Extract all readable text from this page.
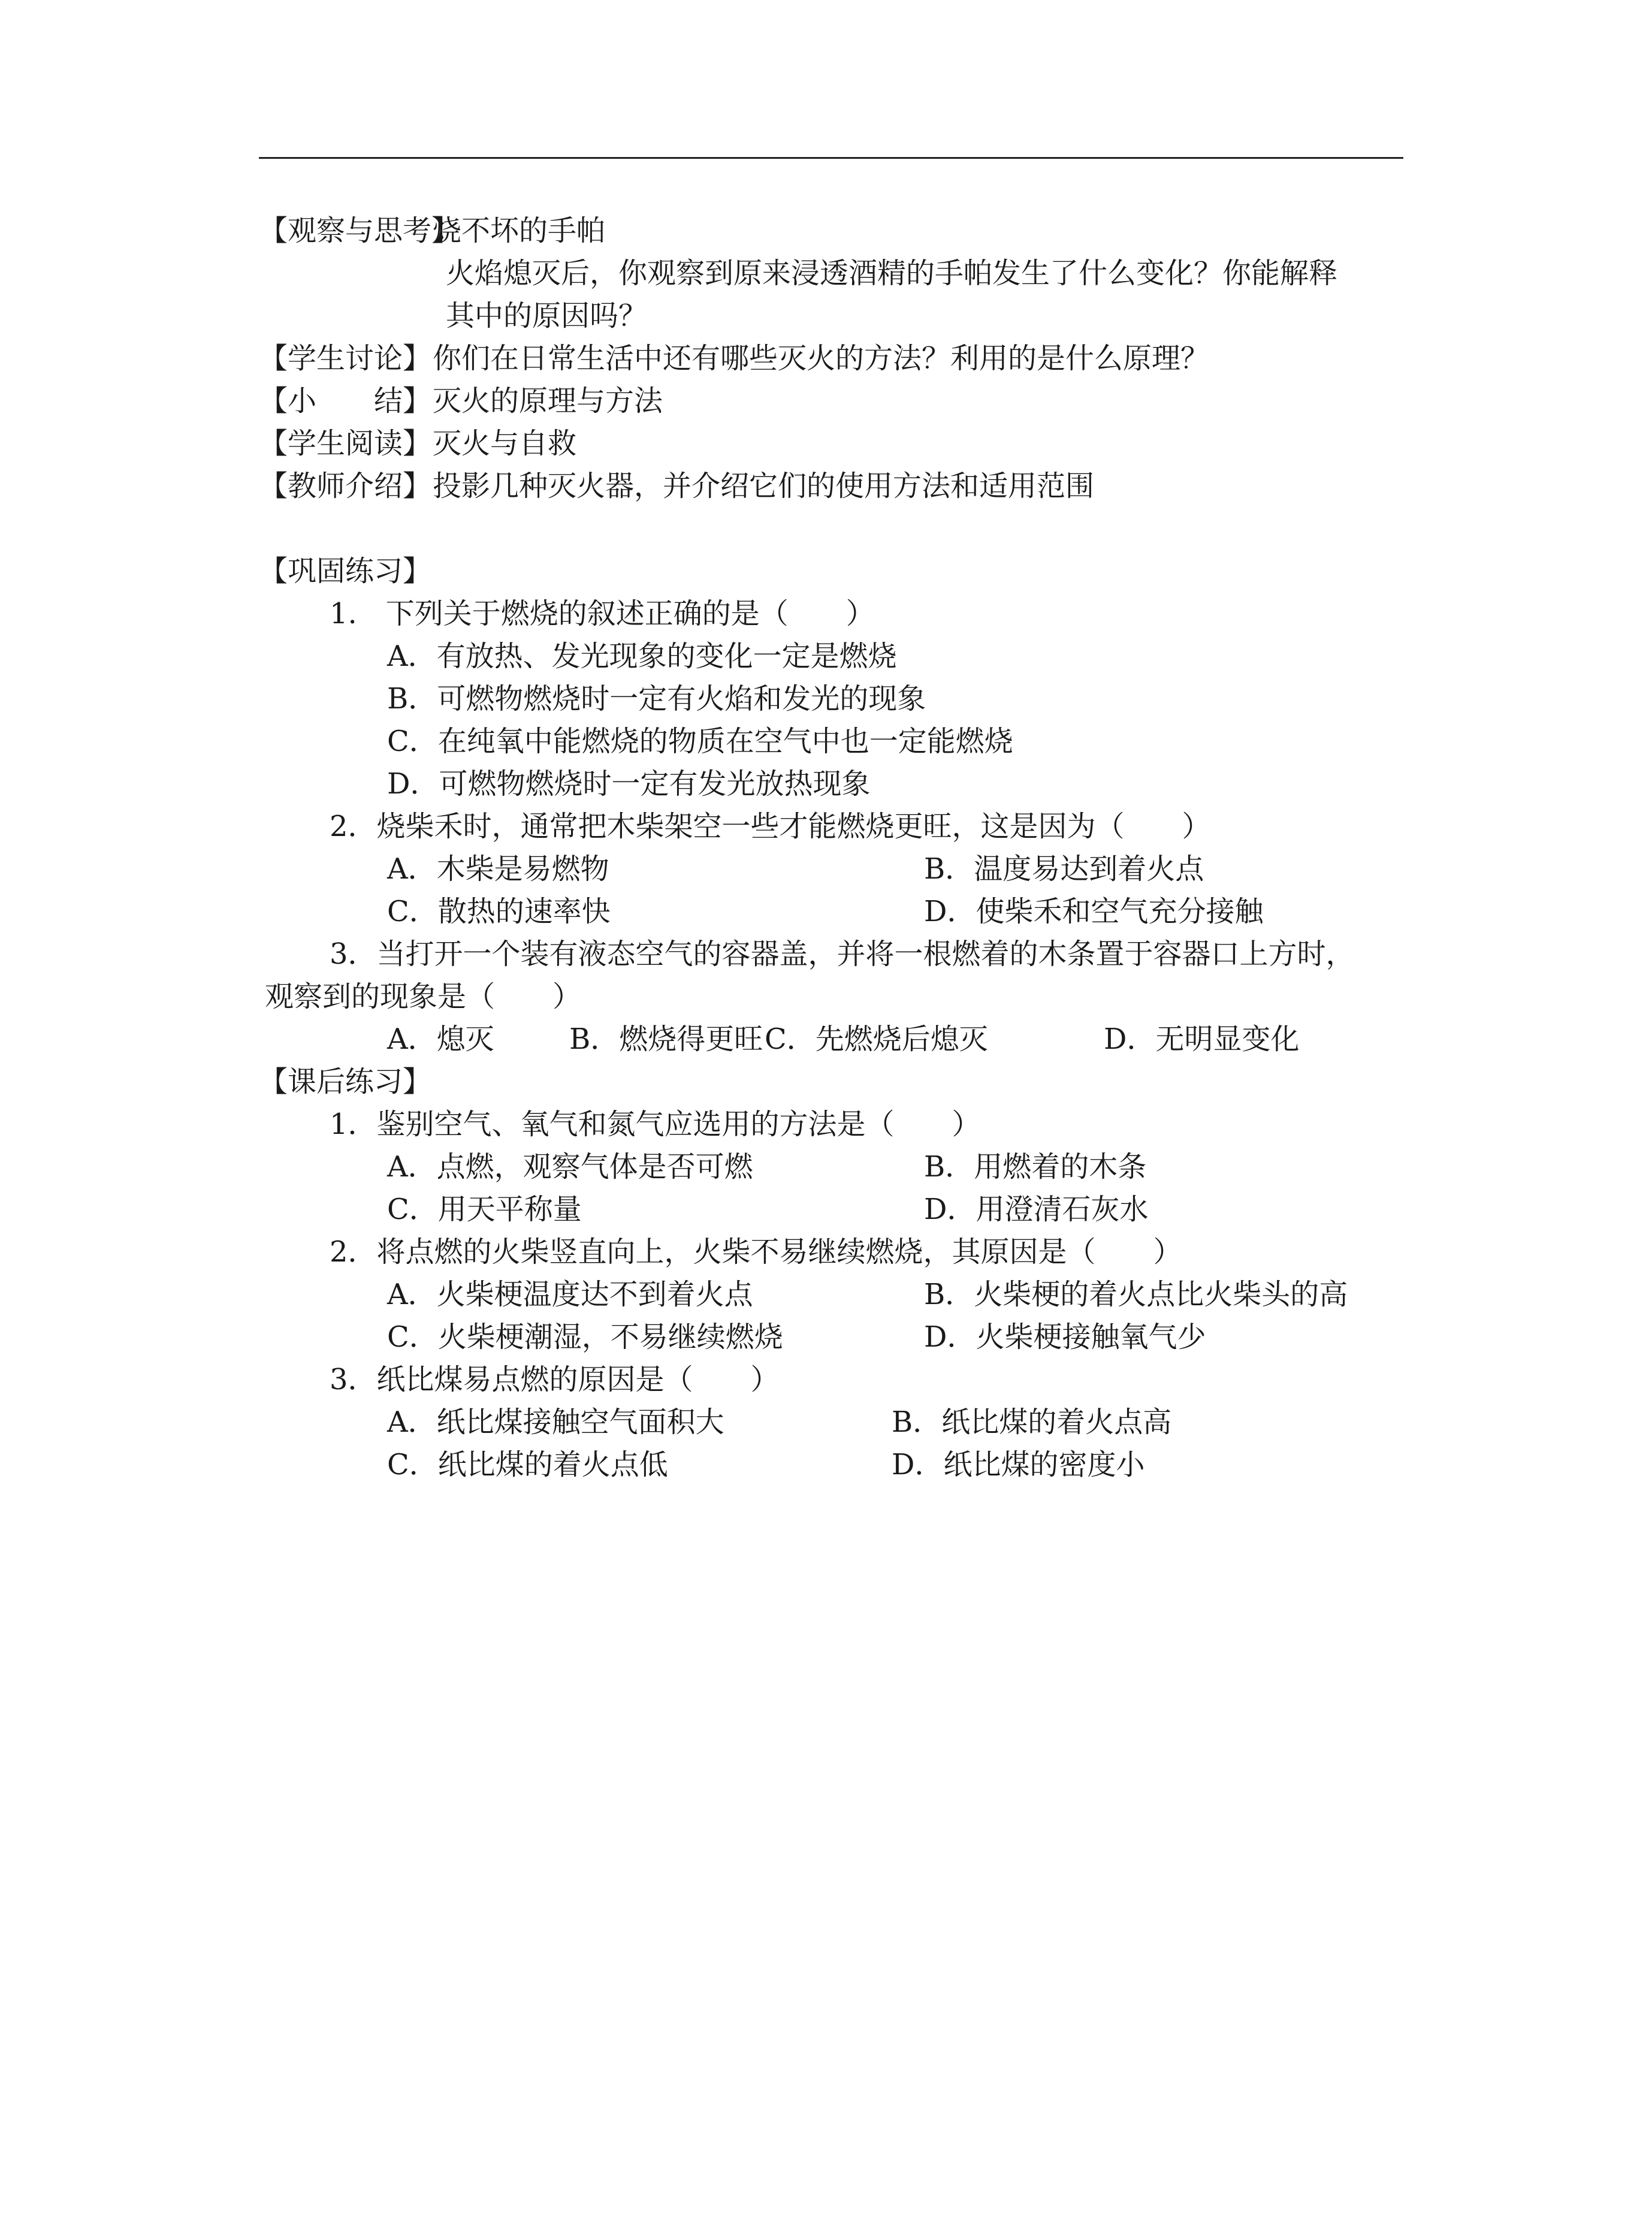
【观察与思考】
烧不坏的手帕
火焰熄灭后，你观察到原来浸透酒精的手帕发生了什么变化？你能解释
其中的原因吗？
【学生讨论】 你们在日常生活中还有哪些灭火的方法？利用的是什么原理？
【小　　结】 灭火的原理与方法
【学生阅读】 灭火与自救
【教师介绍】 投影几种灭火器，并介绍它们的使用方法和适用范围
【巩固练习】
1.　下列关于燃烧的叙述正确的是（　　）
A．有放热、发光现象的变化一定是燃烧
B．可燃物燃烧时一定有火焰和发光的现象
C．在纯氧中能燃烧的物质在空气中也一定能燃烧
D．可燃物燃烧时一定有发光放热现象
2．烧柴禾时，通常把木柴架空一些才能燃烧更旺，这是因为（　　）
A．木柴是易燃物	B．温度易达到着火点
C．散热的速率快	D．使柴禾和空气充分接触
3．当打开一个装有液态空气的容器盖，并将一根燃着的木条置于容器口上方时，
观察到的现象是（　　）
A．熄灭	B．燃烧得更旺 C．先燃烧后熄灭	D．无明显变化
【课后练习】
1．鉴别空气、氧气和氮气应选用的方法是（　　）
A．点燃，观察气体是否可燃	B．用燃着的木条
C．用天平称量	D．用澄清石灰水
2．将点燃的火柴竖直向上，火柴不易继续燃烧，其原因是（　　）
A．火柴梗温度达不到着火点	B．火柴梗的着火点比火柴头的高
C．火柴梗潮湿，不易继续燃烧	D．火柴梗接触氧气少
3．纸比煤易点燃的原因是（　　）
A．纸比煤接触空气面积大	B．纸比煤的着火点高
C．纸比煤的着火点低	D．纸比煤的密度小
